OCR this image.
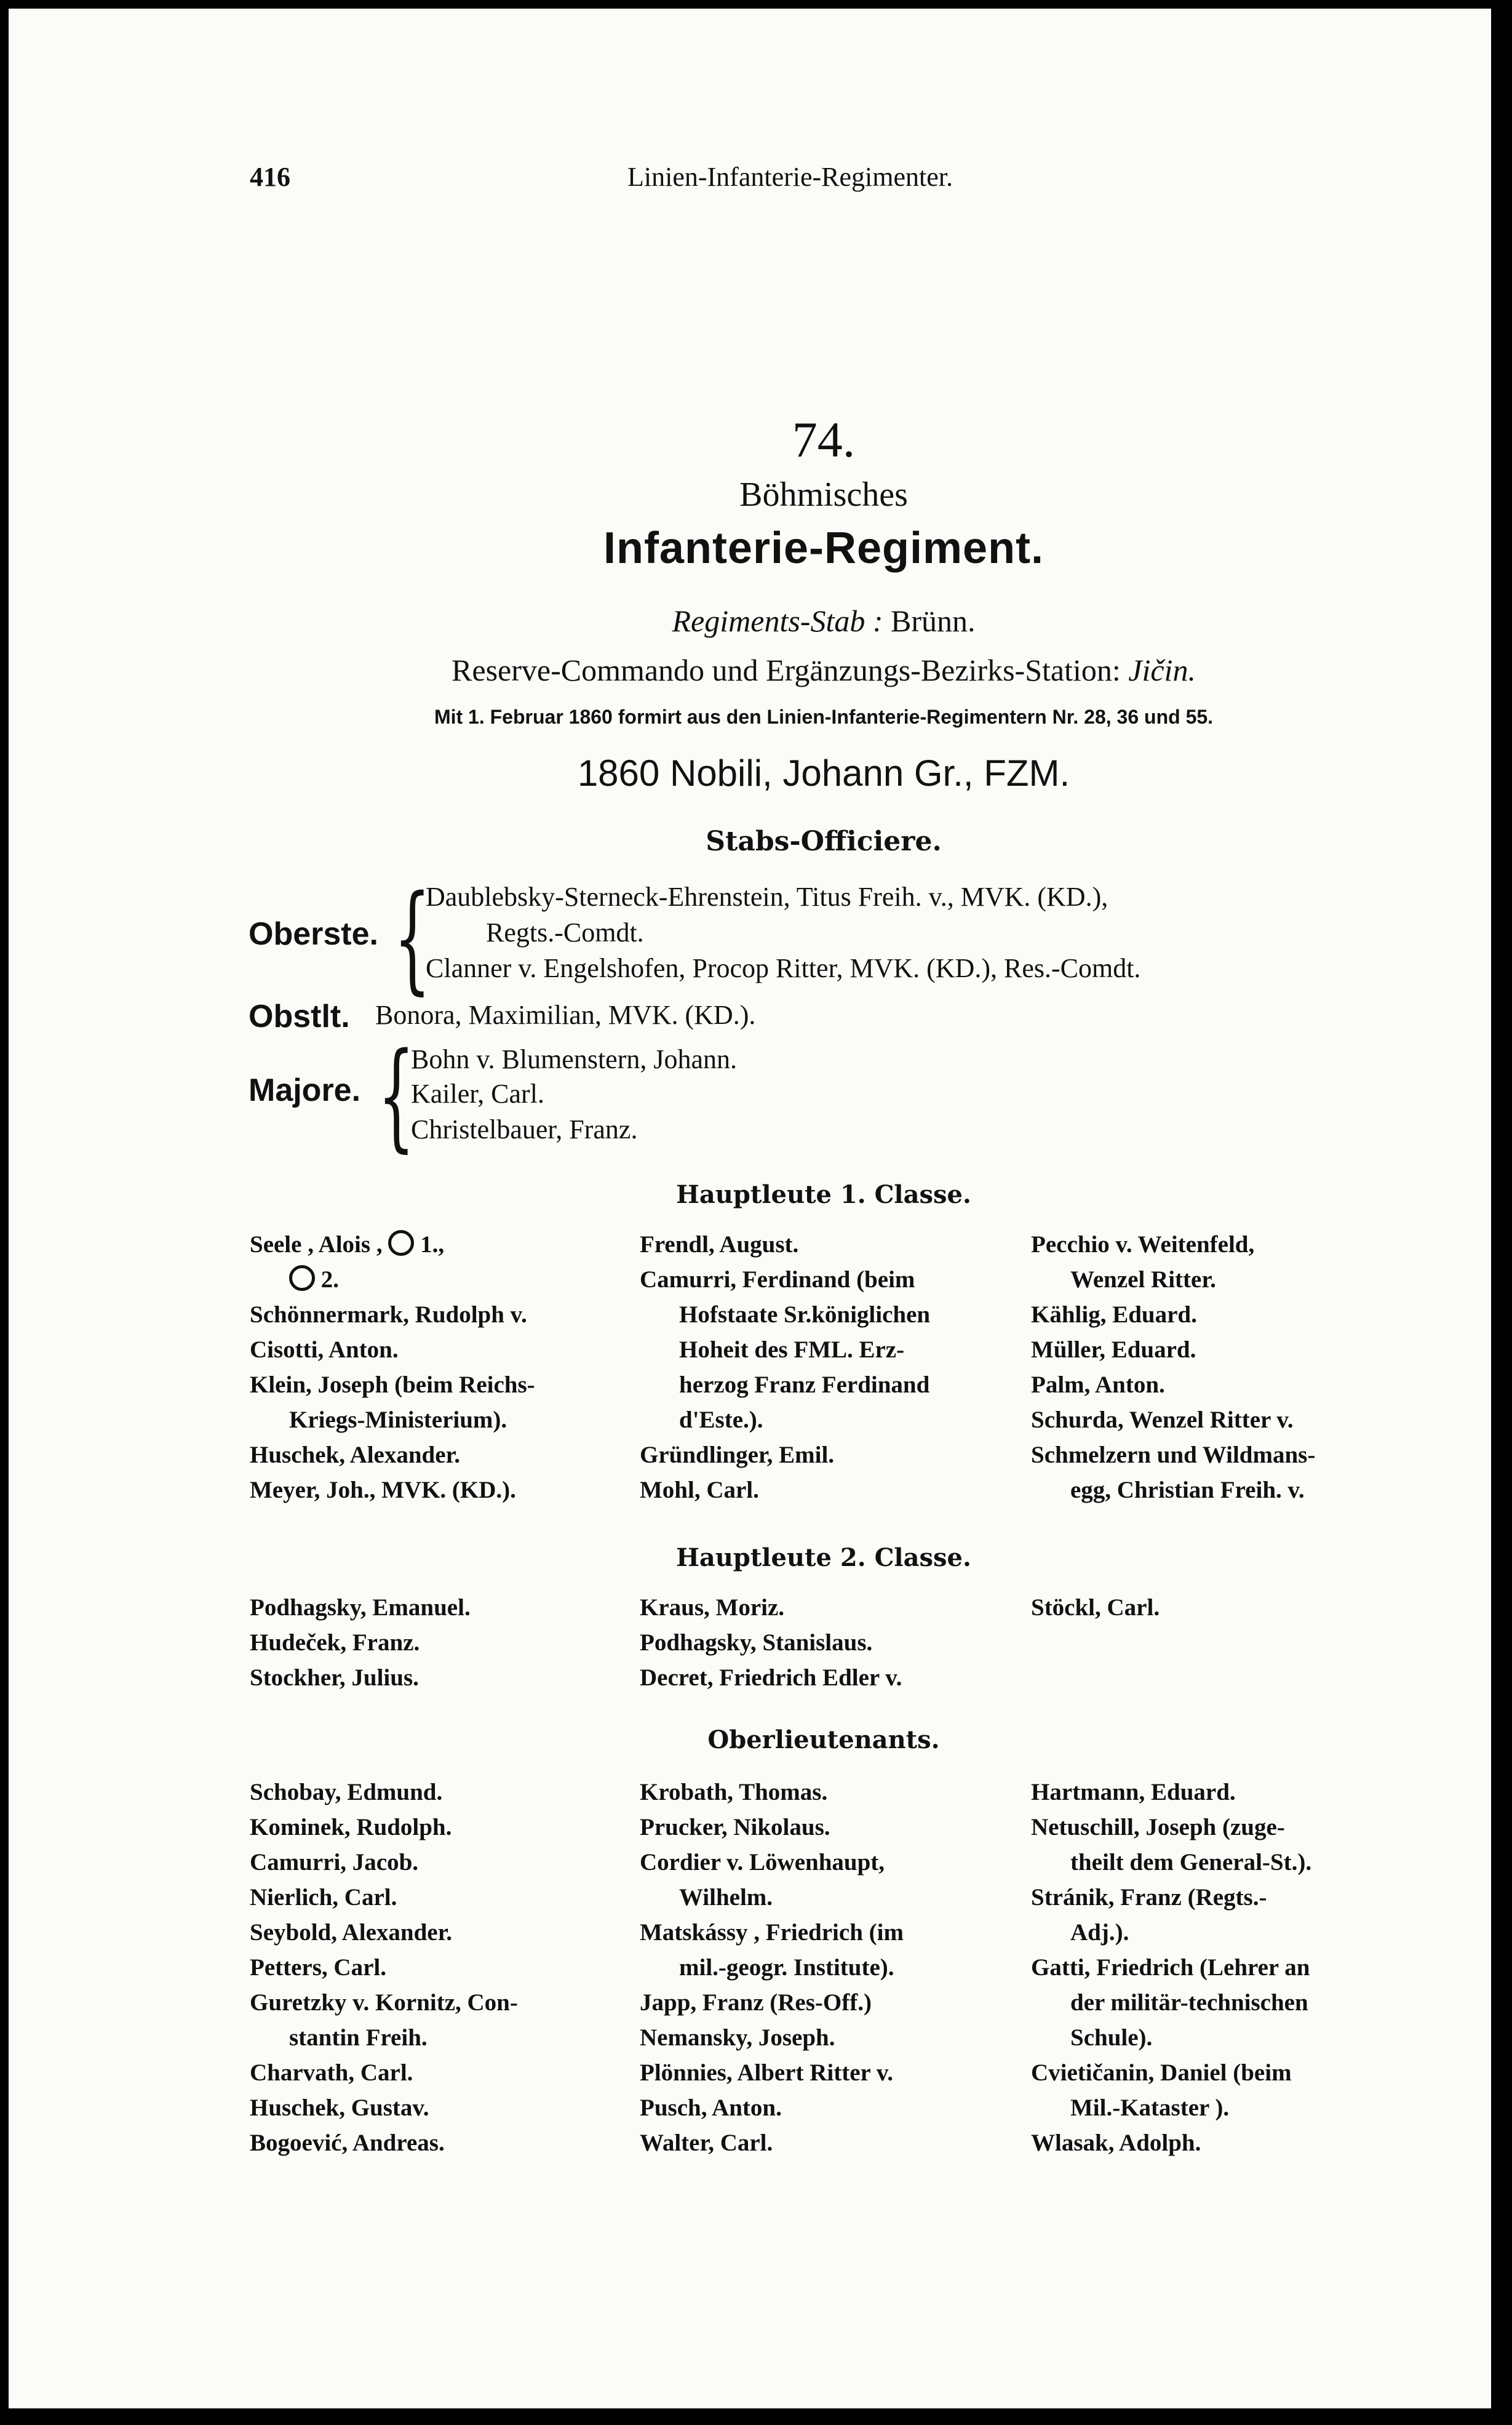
416	Linien-Infanterie-Regimenter.
74.
Böhmisches
Infanterie-Regiment.
Regiments-Stab : Brünn.
Reserve-Commando und Ergänzungs-Bezirks-Station: Jičin.
Mit 1. Februar 1860 formirt aus den Linien-Infanterie-Regimentern Nr. 28, 36 und 55.
1860 Nobili, Johann Gr., FZM.
Stabs-Officiere.
Oberste. {
Daublebsky-Sterneck-Ehrenstein, Titus Freih. v., MVK. (KD.),
Regts.-Comdt.
Clanner v. Engelshofen, Procop Ritter, MVK. (KD.), Res.-Comdt.
Obstlt. Bonora, Maximilian, MVK. (KD.).
Majore. {
Bohn v. Blumenstern, Johann.
Kailer, Carl.
Christelbauer, Franz.
Hauptleute 1. Classe.
Seele , Alois , 1.,
2.
Schönnermark, Rudolph v.
Cisotti, Anton.
Klein, Joseph (beim Reichs-
Kriegs-Ministerium).
Huschek, Alexander.
Meyer, Joh., MVK. (KD.).
Frendl, August.
Camurri, Ferdinand (beim
Hofstaate Sr.königlichen
Hoheit des FML. Erz-
herzog Franz Ferdinand
d'Este.).
Gründlinger, Emil.
Mohl, Carl.
Pecchio v. Weitenfeld,
Wenzel Ritter.
Kählig, Eduard.
Müller, Eduard.
Palm, Anton.
Schurda, Wenzel Ritter v.
Schmelzern und Wildmans-
egg, Christian Freih. v.
Hauptleute 2. Classe.
Podhagsky, Emanuel.
Hudeček, Franz.
Stockher, Julius.
Kraus, Moriz.
Podhagsky, Stanislaus.
Decret, Friedrich Edler v.
Stöckl, Carl.
Oberlieutenants.
Schobay, Edmund.
Kominek, Rudolph.
Camurri, Jacob.
Nierlich, Carl.
Seybold, Alexander.
Petters, Carl.
Guretzky v. Kornitz, Con-
stantin Freih.
Charvath, Carl.
Huschek, Gustav.
Bogoević, Andreas.
Krobath, Thomas.
Prucker, Nikolaus.
Cordier v. Löwenhaupt,
Wilhelm.
Matskássy , Friedrich (im
mil.-geogr. Institute).
Japp, Franz (Res-Off.)
Nemansky, Joseph.
Plönnies, Albert Ritter v.
Pusch, Anton.
Walter, Carl.
Hartmann, Eduard.
Netuschill, Joseph (zuge-
theilt dem General-St.).
Stránik, Franz (Regts.-
Adj.).
Gatti, Friedrich (Lehrer an
der militär-technischen
Schule).
Cvietičanin, Daniel (beim
Mil.-Kataster ).
Wlasak, Adolph.
